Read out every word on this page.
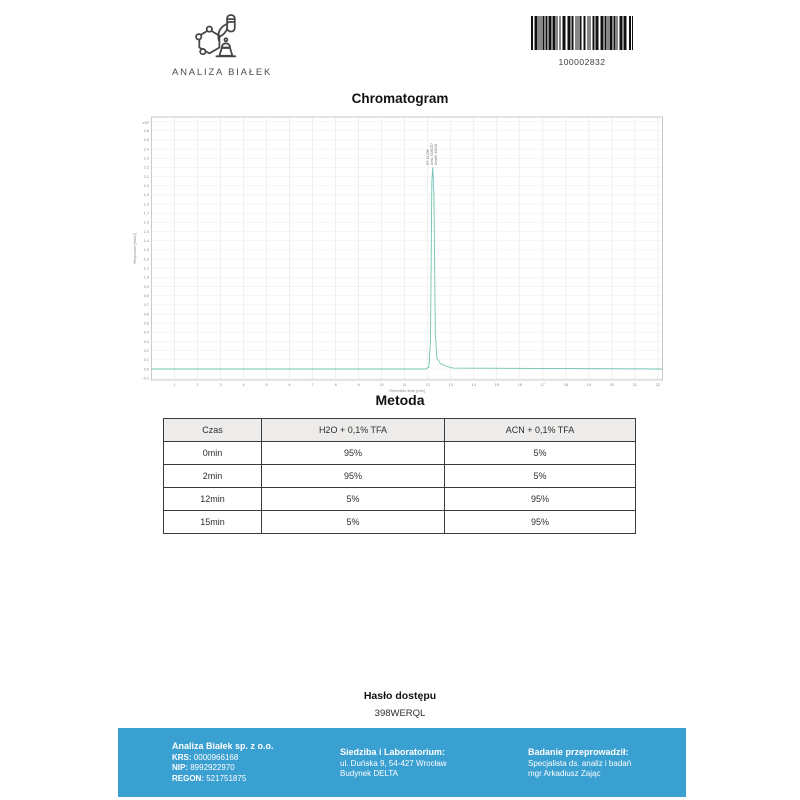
ANALIZA BIAŁEK
100002832
Chromatogram
-0.1
0.0
0.1
0.2
0.3
0.4
0.5
0.6
0.7
0.8
0.9
1.0
1.1
1.2
1.3
1.4
1.5
1.6
1.7
1.8
1.9
2.0
2.1
2.2
2.3
2.4
2.5
2.6
x10²
1	2	3	4	5	6	7	8	9	10	11	12	13	14	15	16	17	18	19	20	21	22
Retention time [min]
Response [mAU]
RT: 12.236 Area: 3138.097 Area%: 100.00
Metoda
Czas	H2O + 0,1% TFA	ACN + 0,1% TFA
0min	95%	5%
2min	95%	5%
12min	5%	95%
15min	5%	95%
Hasło dostępu
398WERQL
Analiza Białek sp. z o.o.
KRS: 0000966168
NIP: 8992922970
REGON: 521751875
Siedziba i Laboratorium:
ul. Duńska 9, 54-427 Wrocław
Budynek DELTA
Badanie przeprowadził:
Specjalista ds. analiz i badań
mgr Arkadiusz Zając
